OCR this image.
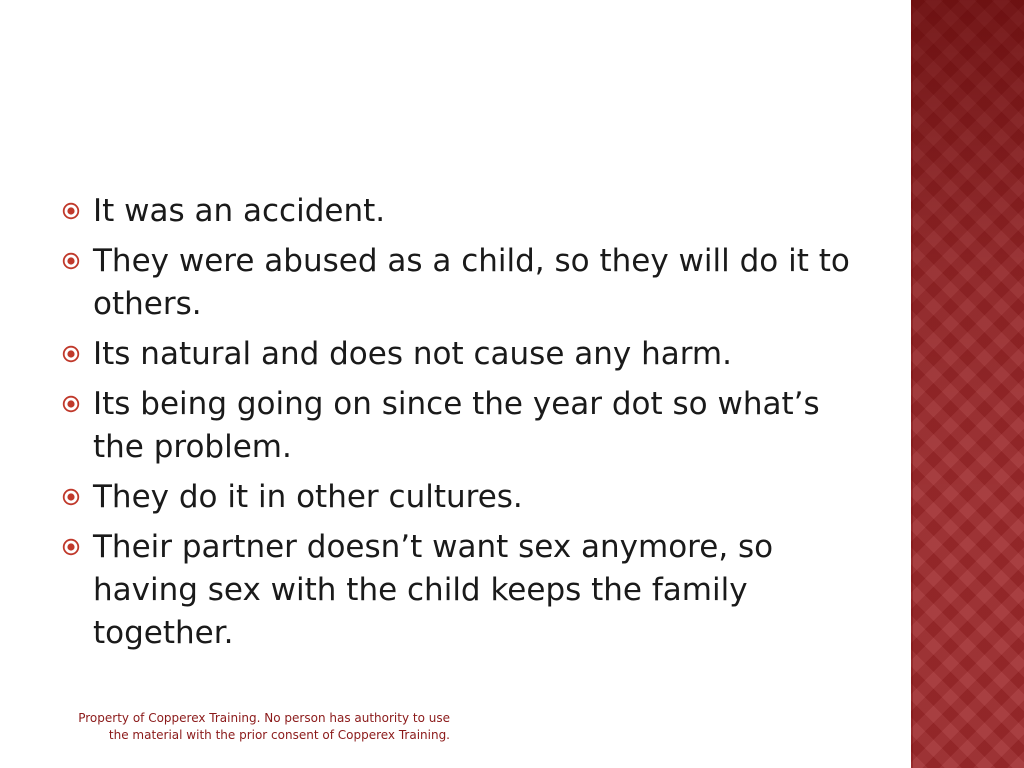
It was an accident.
They were abused as a child, so they will do it to others.
Its natural and does not cause any harm.
Its being going on since the year dot so what’s the problem.
They do it in other cultures.
Their partner doesn’t want sex anymore, so having sex with the child keeps the family together.
Property of Copperex Training. No person has authority to use the material with the prior consent of Copperex Training.
